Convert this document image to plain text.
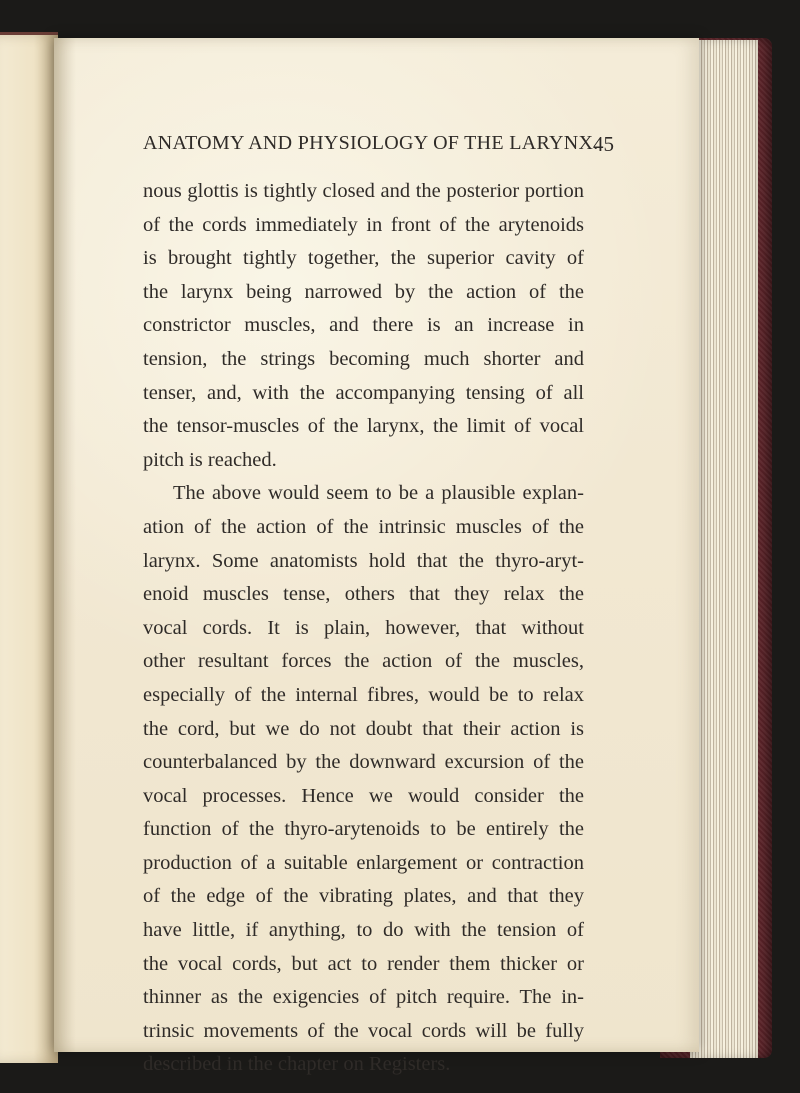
ANATOMY AND PHYSIOLOGY OF THE LARYNX.
45
nous glottis is tightly closed and the posterior portion
of the cords immediately in front of the arytenoids
is brought tightly together, the superior cavity of
the larynx being narrowed by the action of the
constrictor muscles, and there is an increase in
tension, the strings becoming much shorter and
tenser, and, with the accompanying tensing of all
the tensor-muscles of the larynx, the limit of vocal
pitch is reached.
The above would seem to be a plausible explan-
ation of the action of the intrinsic muscles of the
larynx. Some anatomists hold that the thyro-aryt-
enoid muscles tense, others that they relax the
vocal cords. It is plain, however, that without
other resultant forces the action of the muscles,
especially of the internal fibres, would be to relax
the cord, but we do not doubt that their action is
counterbalanced by the downward excursion of the
vocal processes. Hence we would consider the
function of the thyro-arytenoids to be entirely the
production of a suitable enlargement or contraction
of the edge of the vibrating plates, and that they
have little, if anything, to do with the tension of
the vocal cords, but act to render them thicker or
thinner as the exigencies of pitch require. The in-
trinsic movements of the vocal cords will be fully
described in the chapter on Registers.
